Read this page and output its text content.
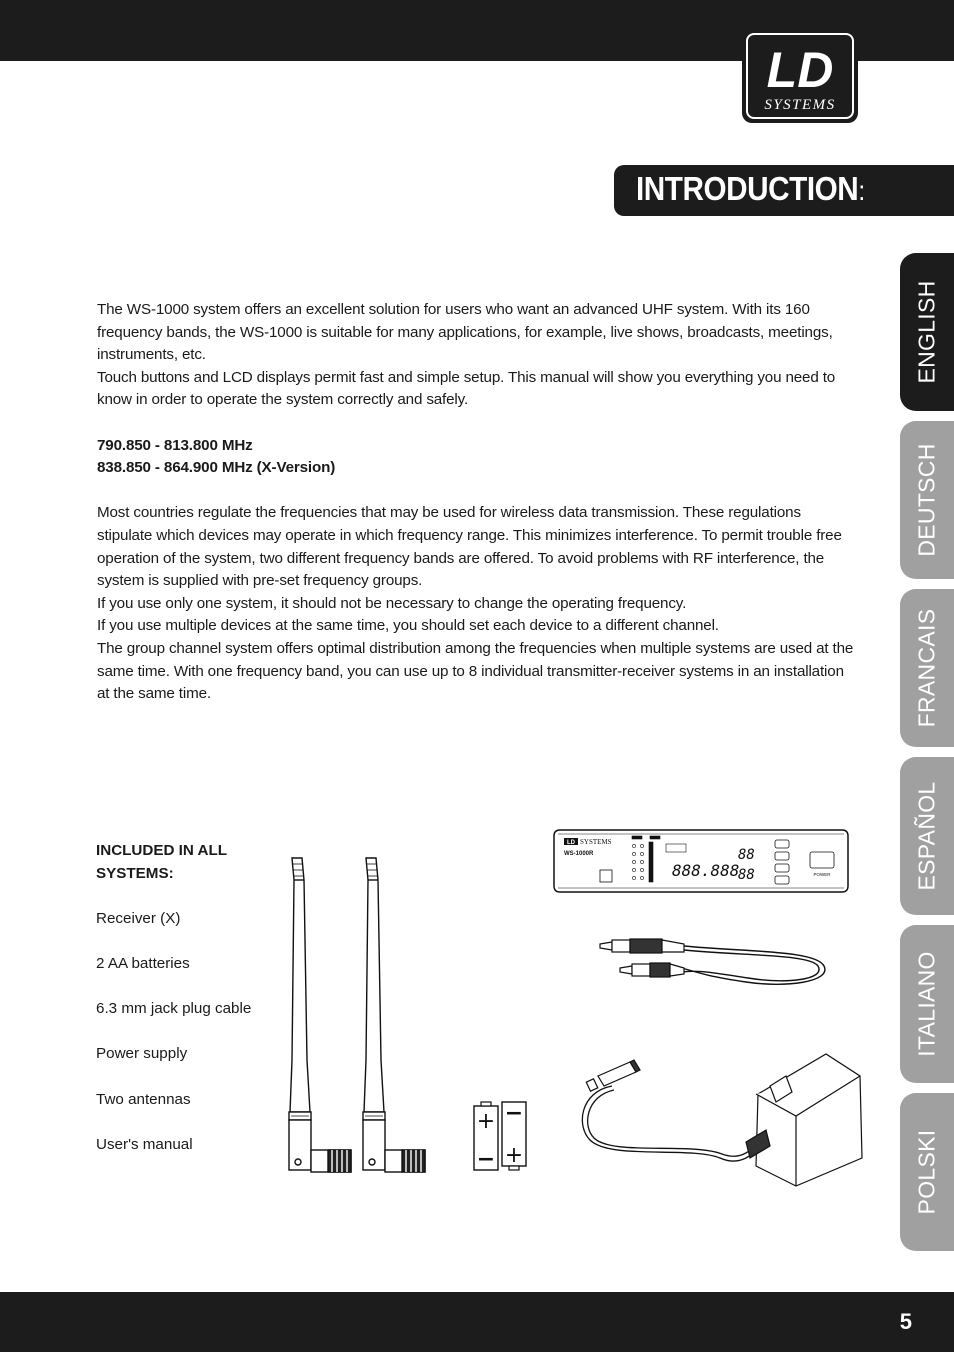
LD
SYSTEMS
INTRODUCTION:
ENGLISH
DEUTSCH
FRANCAIS
ESPAÑOL
ITALIANO
POLSKI

The WS-1000 system offers an excellent solution for users who want an advanced UHF system. With its 160 frequency bands, the WS-1000 is suitable for many applications, for example, live shows, broadcasts, meetings, instruments, etc.

Touch buttons and LCD displays permit fast and simple setup. This manual will show you everything you need to know in order to operate the system correctly and safely.

790.850 - 813.800 MHz

838.850 - 864.900 MHz (X-Version)

Most countries regulate the frequencies that may be used for wireless data transmission. These regulations stipulate which devices may operate in which frequency range. This minimizes interference. To permit trouble free operation of the system, two different frequency bands are offered. To avoid problems with RF interference, the system is supplied with pre-set frequency groups.

If you use only one system, it should not be necessary to change the operating frequency.

If you use multiple devices at the same time, you should set each device to a different channel.

The group channel system offers optimal distribution among the frequencies when multiple systems are used at the same time. With one frequency band, you can use up to 8 individual transmitter-receiver systems in an installation at the same time.

INCLUDED IN ALL
SYSTEMS:
Receiver (X)
2 AA batteries
6.3 mm jack plug cable
Power supply
Two antennas
User's manual
+
−
−
+
LD SYSTEMS
WS-1000R
888.888
88
88	POWER
5
